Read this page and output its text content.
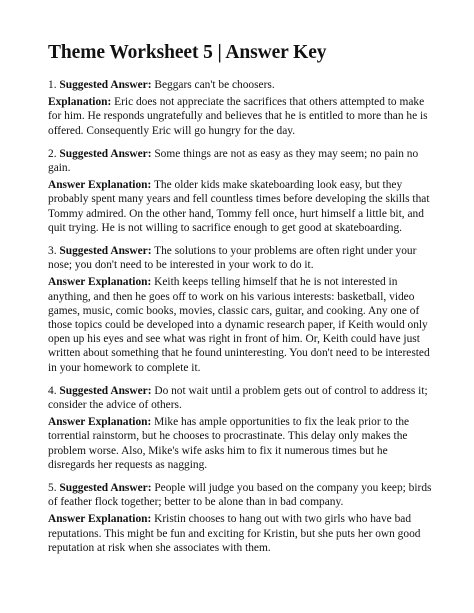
Theme Worksheet 5 | Answer Key

1. Suggested Answer: Beggars can't be choosers.

Explanation: Eric does not appreciate the sacrifices that others attempted to make for him. He responds ungratefully and believes that he is entitled to more than he is offered. Consequently Eric will go hungry for the day.

2. Suggested Answer: Some things are not as easy as they may seem; no pain no gain.

Answer Explanation: The older kids make skateboarding look easy, but they probably spent many years and fell countless times before developing the skills that Tommy admired. On the other hand, Tommy fell once, hurt himself a little bit, and quit trying. He is not willing to sacrifice enough to get good at skateboarding.

3. Suggested Answer: The solutions to your problems are often right under your nose; you don't need to be interested in your work to do it.

Answer Explanation: Keith keeps telling himself that he is not interested in anything, and then he goes off to work on his various interests: basketball, video games, music, comic books, movies, classic cars, guitar, and cooking. Any one of those topics could be developed into a dynamic research paper, if Keith would only open up his eyes and see what was right in front of him. Or, Keith could have just written about something that he found uninteresting. You don't need to be interested in your homework to complete it.

4. Suggested Answer: Do not wait until a problem gets out of control to address it; consider the advice of others.

Answer Explanation: Mike has ample opportunities to fix the leak prior to the torrential rainstorm, but he chooses to procrastinate. This delay only makes the problem worse. Also, Mike's wife asks him to fix it numerous times but he disregards her requests as nagging.

5. Suggested Answer: People will judge you based on the company you keep; birds of feather flock together; better to be alone than in bad company.

Answer Explanation: Kristin chooses to hang out with two girls who have bad reputations. This might be fun and exciting for Kristin, but she puts her own good reputation at risk when she associates with them.
